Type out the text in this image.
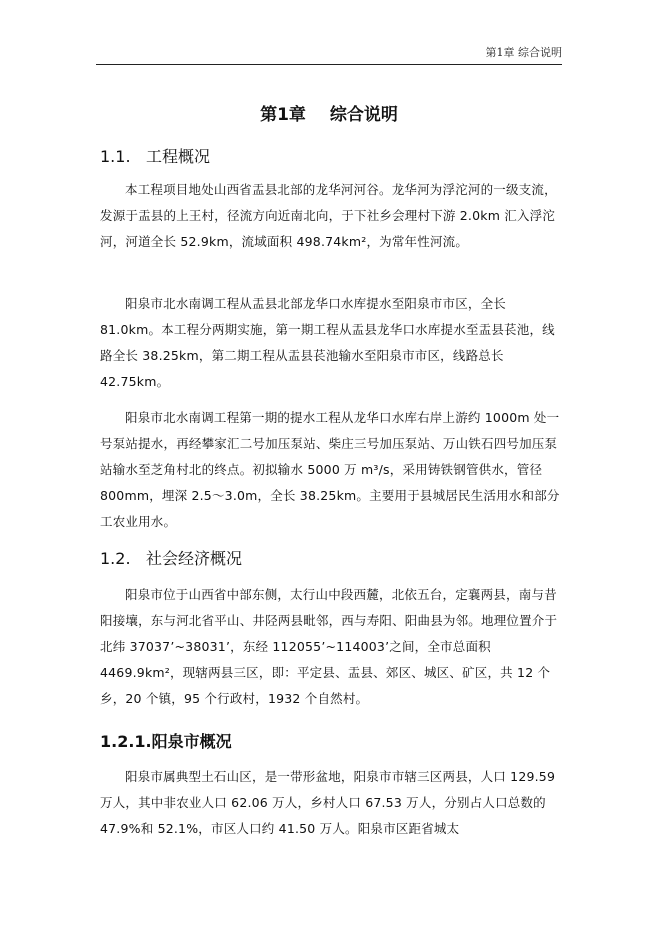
第1章 综合说明
第1章 综合说明
1.1. 工程概况

本工程项目地处山西省盂县北部的龙华河河谷。龙华河为浮沱河的一级支流，发源于盂县的上王村，径流方向近南北向，于下社乡会理村下游 2.0km 汇入浮沱河，河道全长 52.9km，流域面积 498.74km²，为常年性河流。

阳泉市北水南调工程从盂县北部龙华口水库提水至阳泉市市区，全长 81.0km。本工程分两期实施，第一期工程从盂县龙华口水库提水至盂县苌池，线路全长 38.25km，第二期工程从盂县苌池输水至阳泉市市区，线路总长 42.75km。

阳泉市北水南调工程第一期的提水工程从龙华口水库右岸上游约 1000m 处一号泵站提水，再经攀家汇二号加压泵站、柴庄三号加压泵站、万山铁石四号加压泵站输水至芝角村北的终点。初拟输水 5000 万 m³/s，采用铸铁钢管供水，管径 800mm，埋深 2.5～3.0m，全长 38.25km。主要用于县城居民生活用水和部分工农业用水。

1.2. 社会经济概况

阳泉市位于山西省中部东侧，太行山中段西麓，北依五台，定襄两县，南与昔阳接壤，东与河北省平山、井陉两县毗邻，西与寿阳、阳曲县为邻。地理位置介于北纬 37037’~38031’，东经 112055’~114003’之间，全市总面积 4469.9km²，现辖两县三区，即：平定县、盂县、郊区、城区、矿区，共 12 个乡，20 个镇，95 个行政村，1932 个自然村。

1.2.1.阳泉市概况

阳泉市属典型土石山区，是一带形盆地，阳泉市市辖三区两县，人口 129.59 万人，其中非农业人口 62.06 万人，乡村人口 67.53 万人，分别占人口总数的 47.9%和 52.1%，市区人口约 41.50 万人。阳泉市区距省城太
